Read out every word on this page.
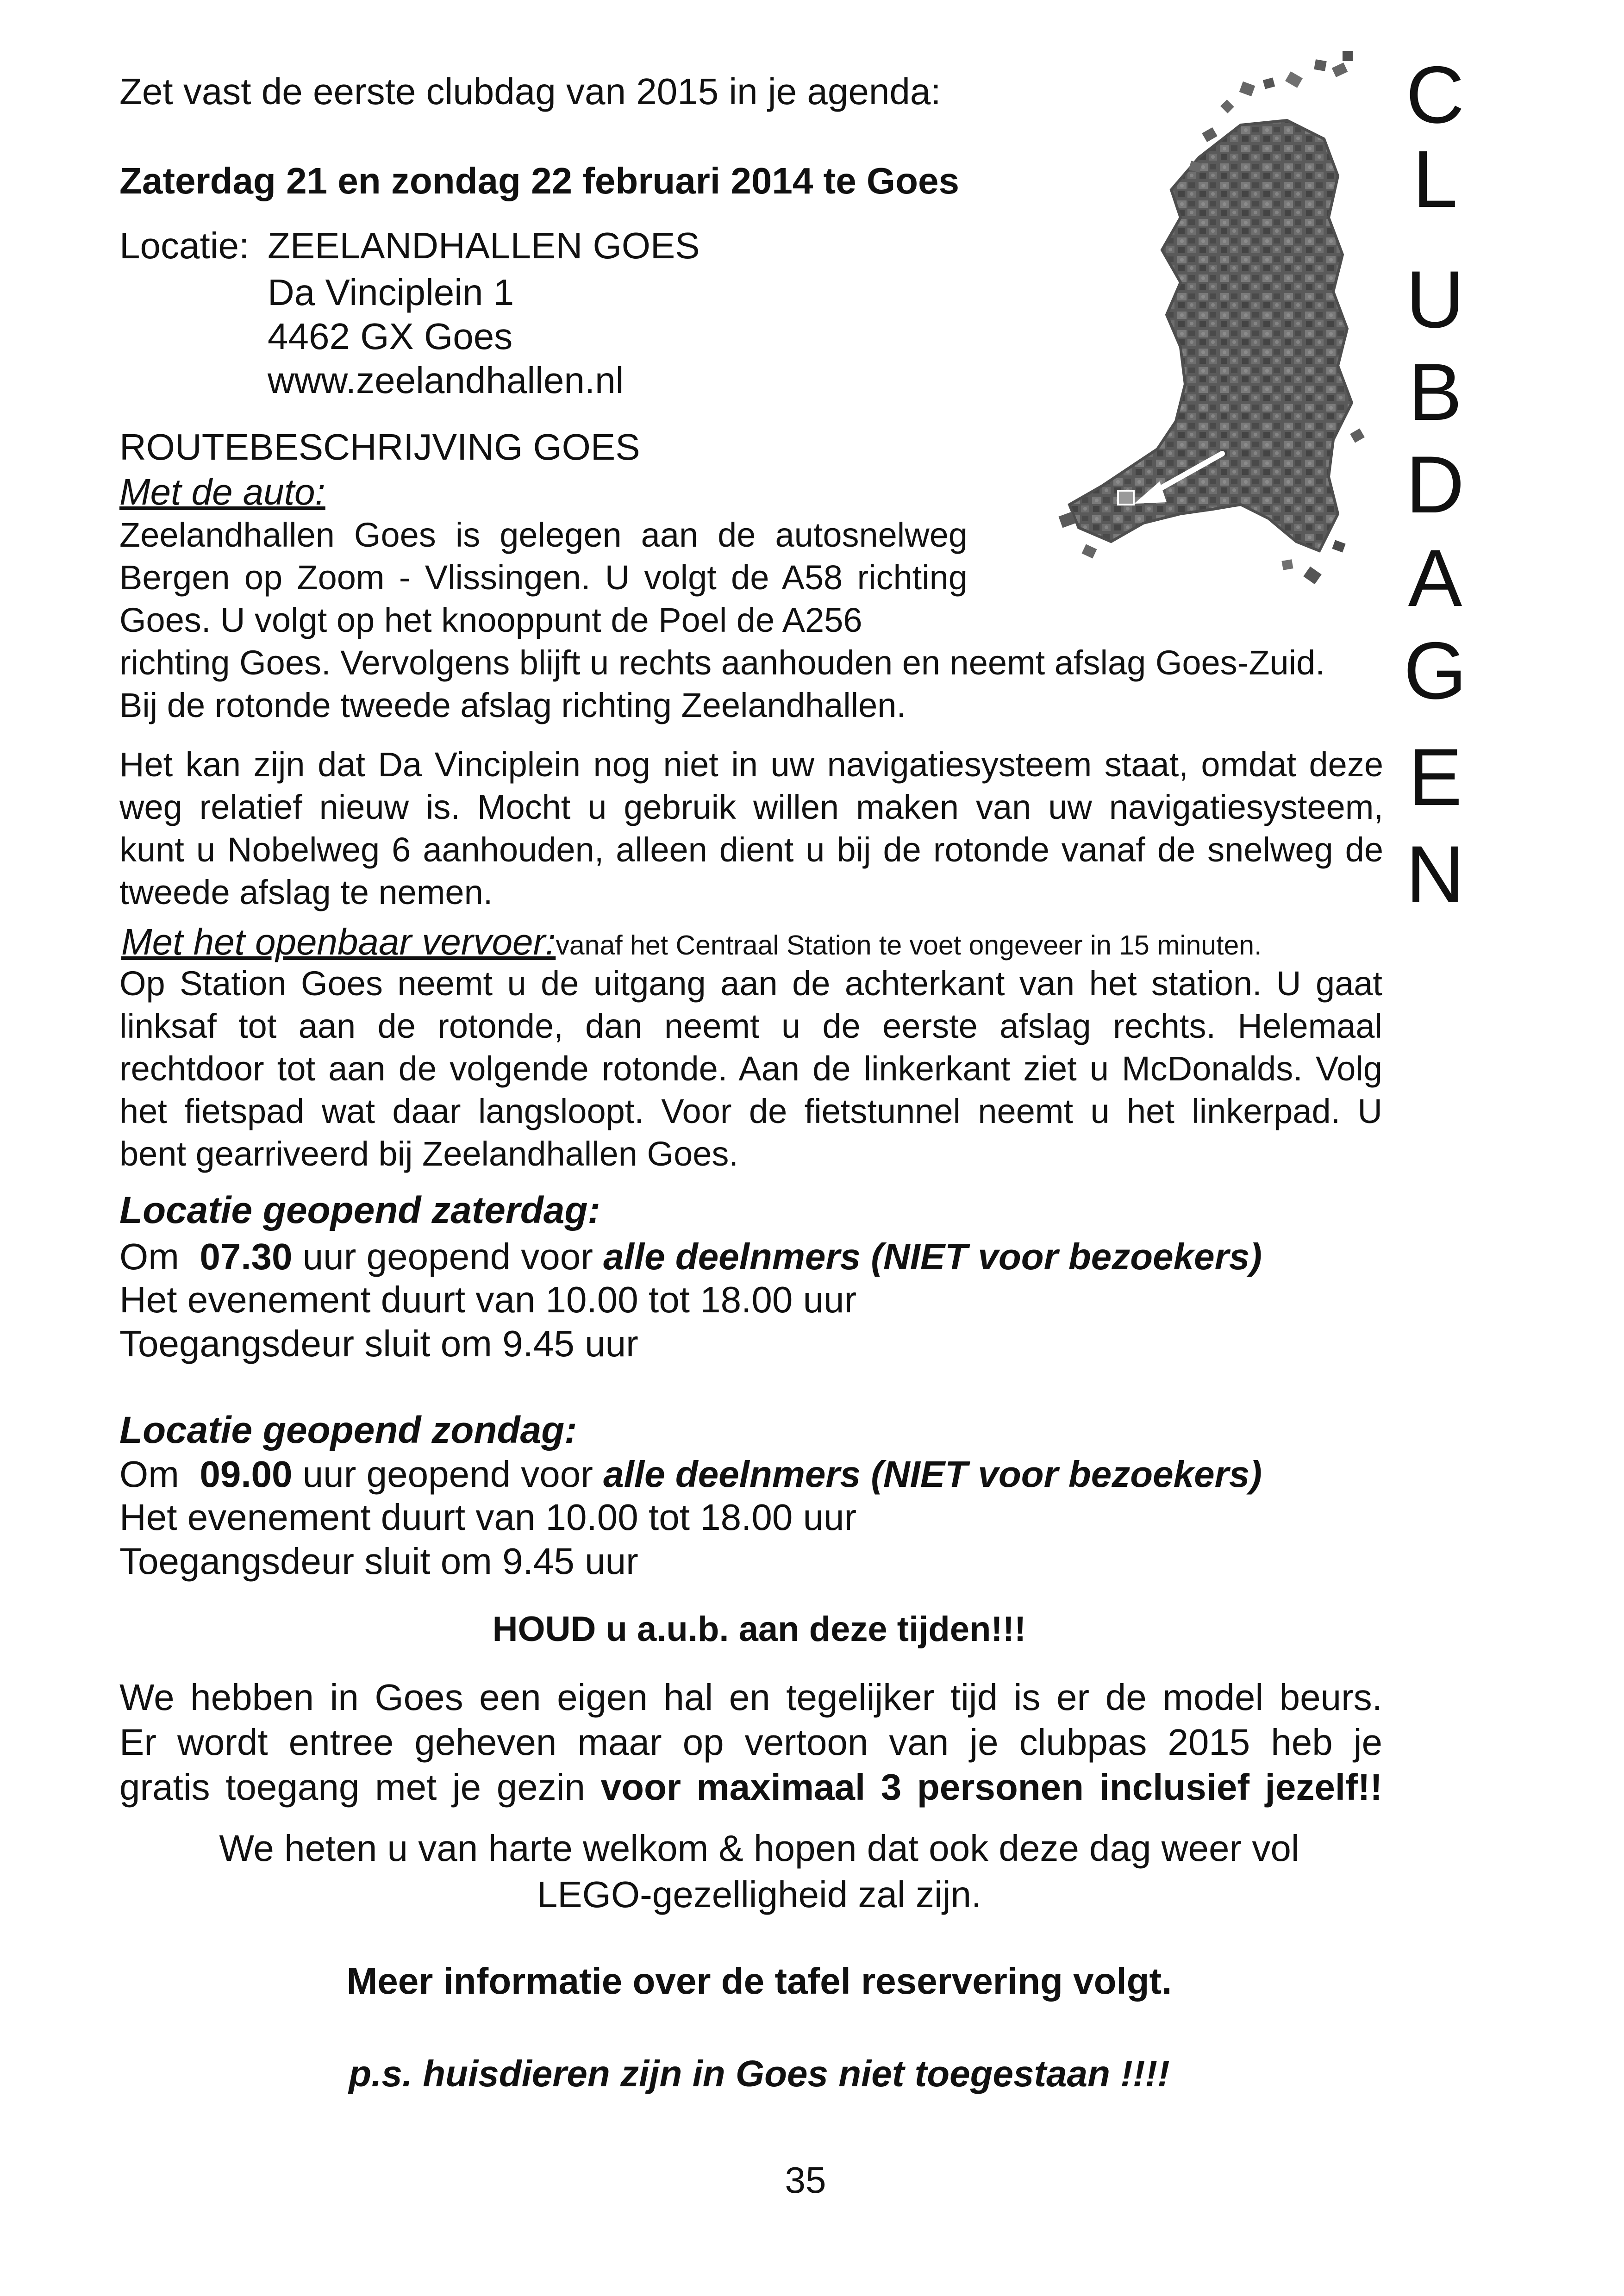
Zet vast de eerste clubdag van 2015 in je agenda:
Zaterdag 21 en zondag 22 februari 2014 te Goes
Locatie: ZEELANDHALLEN GOES
Da Vinciplein 1
4462 GX Goes
www.zeelandhallen.nl
ROUTEBESCHRIJVING GOES
Met de auto:
Zeelandhallen Goes is gelegen aan de autosnelweg
Bergen op Zoom - Vlissingen. U volgt de A58 richting
Goes. U volgt op het knooppunt de Poel de A256
richting Goes. Vervolgens blijft u rechts aanhouden en neemt afslag Goes-Zuid.
Bij de rotonde tweede afslag richting Zeelandhallen.
Het kan zijn dat Da Vinciplein nog niet in uw navigatiesysteem staat, omdat deze
weg relatief nieuw is. Mocht u gebruik willen maken van uw navigatiesysteem,
kunt u Nobelweg 6 aanhouden, alleen dient u bij de rotonde vanaf de snelweg de
tweede afslag te nemen.
Met het openbaar vervoer:vanaf het Centraal Station te voet ongeveer in 15 minuten.
Op Station Goes neemt u de uitgang aan de achterkant van het station. U gaat
linksaf tot aan de rotonde, dan neemt u de eerste afslag rechts. Helemaal
rechtdoor tot aan de volgende rotonde. Aan de linkerkant ziet u McDonalds. Volg
het fietspad wat daar langsloopt. Voor de fietstunnel neemt u het linkerpad. U
bent gearriveerd bij Zeelandhallen Goes.
Locatie geopend zaterdag:
Om 07.30 uur geopend voor alle deelnmers (NIET voor bezoekers)
Het evenement duurt van 10.00 tot 18.00 uur
Toegangsdeur sluit om 9.45 uur
Locatie geopend zondag:
Om 09.00 uur geopend voor alle deelnmers (NIET voor bezoekers)
Het evenement duurt van 10.00 tot 18.00 uur
Toegangsdeur sluit om 9.45 uur
HOUD u a.u.b. aan deze tijden!!!
We hebben in Goes een eigen hal en tegelijker tijd is er de model beurs.
Er wordt entree geheven maar op vertoon van je clubpas 2015 heb je
gratis toegang met je gezin voor maximaal 3 personen inclusief jezelf!!
We heten u van harte welkom & hopen dat ook deze dag weer vol
LEGO-gezelligheid zal zijn.
Meer informatie over de tafel reservering volgt.
p.s. huisdieren zijn in Goes niet toegestaan !!!!
35
C
L
U
B
D
A
G
E
N
